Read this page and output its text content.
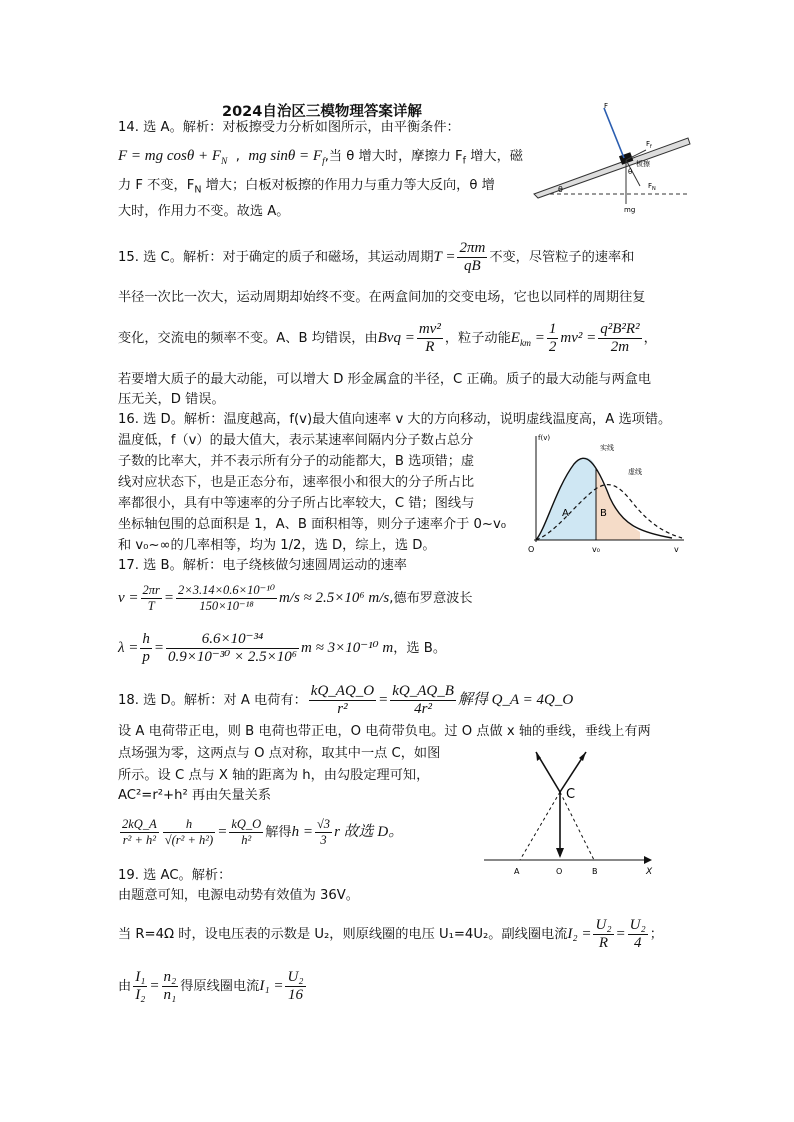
2024自治区三模物理答案详解
14. 选 A。解析：对板擦受力分析如图所示，由平衡条件：
F = mg $\cos\theta + F_N$  ,  mg $\sin\theta = F_f$,当 θ 增大时，摩擦力 $F_f$ 增大，磁
力 F 不变，$F_N$ 增大；白板对板擦的作用力与重力等大反向，θ 增
大时，作用力不变。故选 A。
F
$F_f$
板擦
θ
θ
$F_N$
mg
15. 选 C。解析：对于确定的质子和磁场，其运动周期$T = \frac{2\pi m}{qB}$ 不变，尽管粒子的速率和
半径一次比一次大，运动周期却始终不变。在两盒间加的交变电场，它也以同样的周期往复
变化，交流电的频率不变。A、B 均错误，由Bvq = $\frac{\text{mv²}}{R}$ ，粒子动能$E_{km} = \frac{1}{2} mv^2 = \frac{\text{q²B²R²}}{2m}$ ，
若要增大质子的最大动能，可以增大 D 形金属盒的半径，C 正确。质子的最大动能与两盒电
压无关，D 错误。
16. 选 D。解析：温度越高，f(v)最大值向速率 v 大的方向移动，说明虚线温度高，A 选项错。
温度低，f（v）的最大值大，表示某速率间隔内分子数占总分
子数的比率大，并不表示所有分子的动能都大，B 选项错；虚
线对应状态下，也是正态分布，速率很小和很大的分子所占比
率都很小，具有中等速率的分子所占比率较大，C 错；图线与
坐标轴包围的总面积是 1，A、B 面积相等，则分子速率介于 0~v₀
和 v₀~∞的几率相等，均为 1/2，选 D，综上，选 D。
f(v)
实线
虚线
A	B
O	v₀	v
17. 选 B。解析：电子绕核做匀速圆周运动的速率
$v = \frac{2\pi r}{T} = \frac{\text{2×3.14×0.6×10⁻¹⁰}}{\text{150×10⁻¹⁸}} m/s \approx 2.5\times 10^6$ m/s,德布罗意波长
$\lambda = \frac{h}{p} = \frac{\text{6.6×10⁻³⁴}}{\text{0.9×10⁻³⁰ × 2.5×10⁶}}$ m ≈ 3×10⁻¹⁰ m，选 B。
18. 选 D。解析：对 A 电荷有： $\frac{kQ\_AQ\_O}{\text{r²}} = \frac{kQ\_AQ\_B}{\text{4r²}}$ 解得 Q_A = 4Q_O
设 A 电荷带正电，则 B 电荷也带正电，O 电荷带负电。过 O 点做 x 轴的垂线，垂线上有两
点场强为零，这两点与 O 点对称，取其中一点 C，如图
所示。设 C 点与 X 轴的距离为 h，由勾股定理可知，
AC²=r²+h² 再由矢量关系
$\frac{2kQ\_A}{\text{r² + h²}} \frac{h}{\text{√(r² + h²)}} = \frac{kQ\_O}{\text{h²}}$ 解得$h = \frac{√3}{3}$ r 故选 D。
C
A	O	B	X
19. 选 AC。解析：
由题意可知，电源电动势有效值为 36V。
当 R=4Ω 时，设电压表的示数是 U₂，则原线圈的电压 U₁=4U₂。副线圈电流$I_2 = \frac{\text{U₂}}{R} = \frac{\text{U₂}}{4}$ ；
由 $\frac{\text{I₁}}{\text{I₂}} = \frac{\text{n₂}}{\text{n₁}}$ 得原线圈电流$I_1 = \frac{\text{U₂}}{16}$
